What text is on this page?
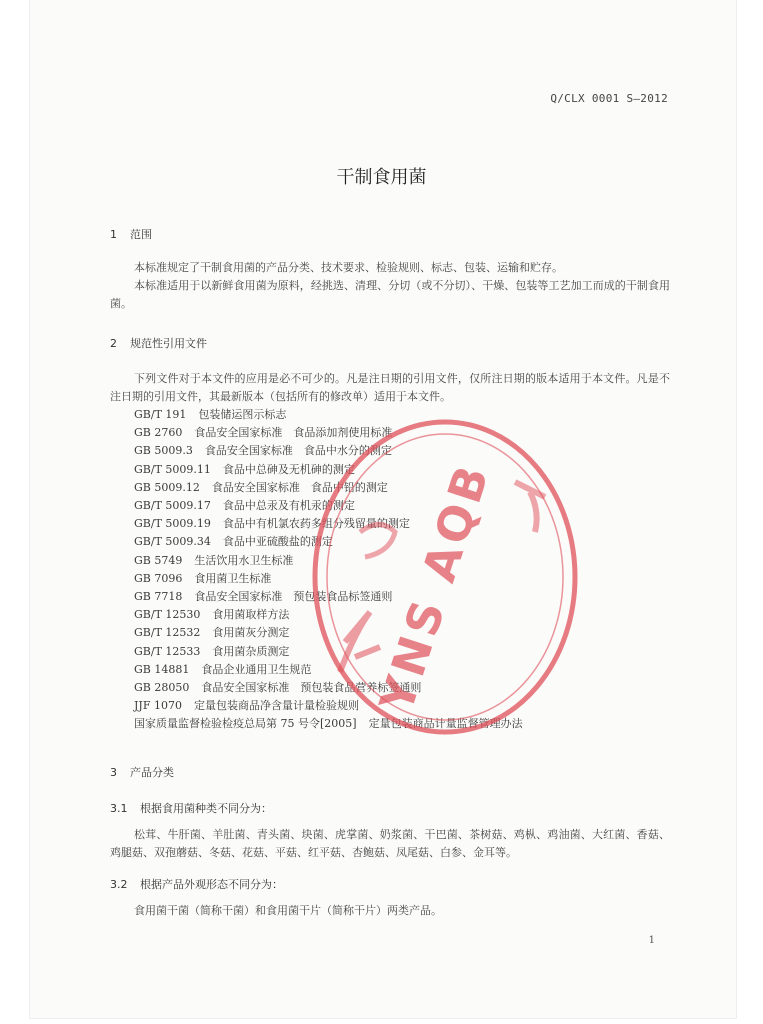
Q/CLX 0001 S—2012
干制食用菌
1 范围
本标准规定了干制食用菌的产品分类、技术要求、检验规则、标志、包装、运输和贮存。
本标准适用于以新鲜食用菌为原料，经挑选、清理、分切（或不分切）、干燥、包装等工艺加工而成的干制食用菌。
2 规范性引用文件
下列文件对于本文件的应用是必不可少的。凡是注日期的引用文件，仅所注日期的版本适用于本文件。凡是不注日期的引用文件，其最新版本（包括所有的修改单）适用于本文件。
GB/T 191 包装储运图示标志
GB 2760 食品安全国家标准　食品添加剂使用标准
GB 5009.3 食品安全国家标准　食品中水分的测定
GB/T 5009.11 食品中总砷及无机砷的测定
GB 5009.12 食品安全国家标准　食品中铅的测定
GB/T 5009.17 食品中总汞及有机汞的测定
GB/T 5009.19 食品中有机氯农药多组分残留量的测定
GB/T 5009.34 食品中亚硫酸盐的测定
GB 5749 生活饮用水卫生标准
GB 7096 食用菌卫生标准
GB 7718 食品安全国家标准　预包装食品标签通则
GB/T 12530 食用菌取样方法
GB/T 12532 食用菌灰分测定
GB/T 12533 食用菌杂质测定
GB 14881 食品企业通用卫生规范
GB 28050 食品安全国家标准　预包装食品营养标签通则
JJF 1070 定量包装商品净含量计量检验规则
国家质量监督检验检疫总局第 75 号令[2005] 定量包装商品计量监督管理办法
3 产品分类
3.1 根据食用菌种类不同分为：
松茸、牛肝菌、羊肚菌、青头菌、块菌、虎掌菌、奶浆菌、干巴菌、茶树菇、鸡枞、鸡油菌、大红菌、香菇、鸡腿菇、双孢蘑菇、冬菇、花菇、平菇、红平菇、杏鲍菇、凤尾菇、白参、金耳等。
3.2 根据产品外观形态不同分为：
食用菌干菌（简称干菌）和食用菌干片（简称干片）两类产品。
1
YNS AQB
